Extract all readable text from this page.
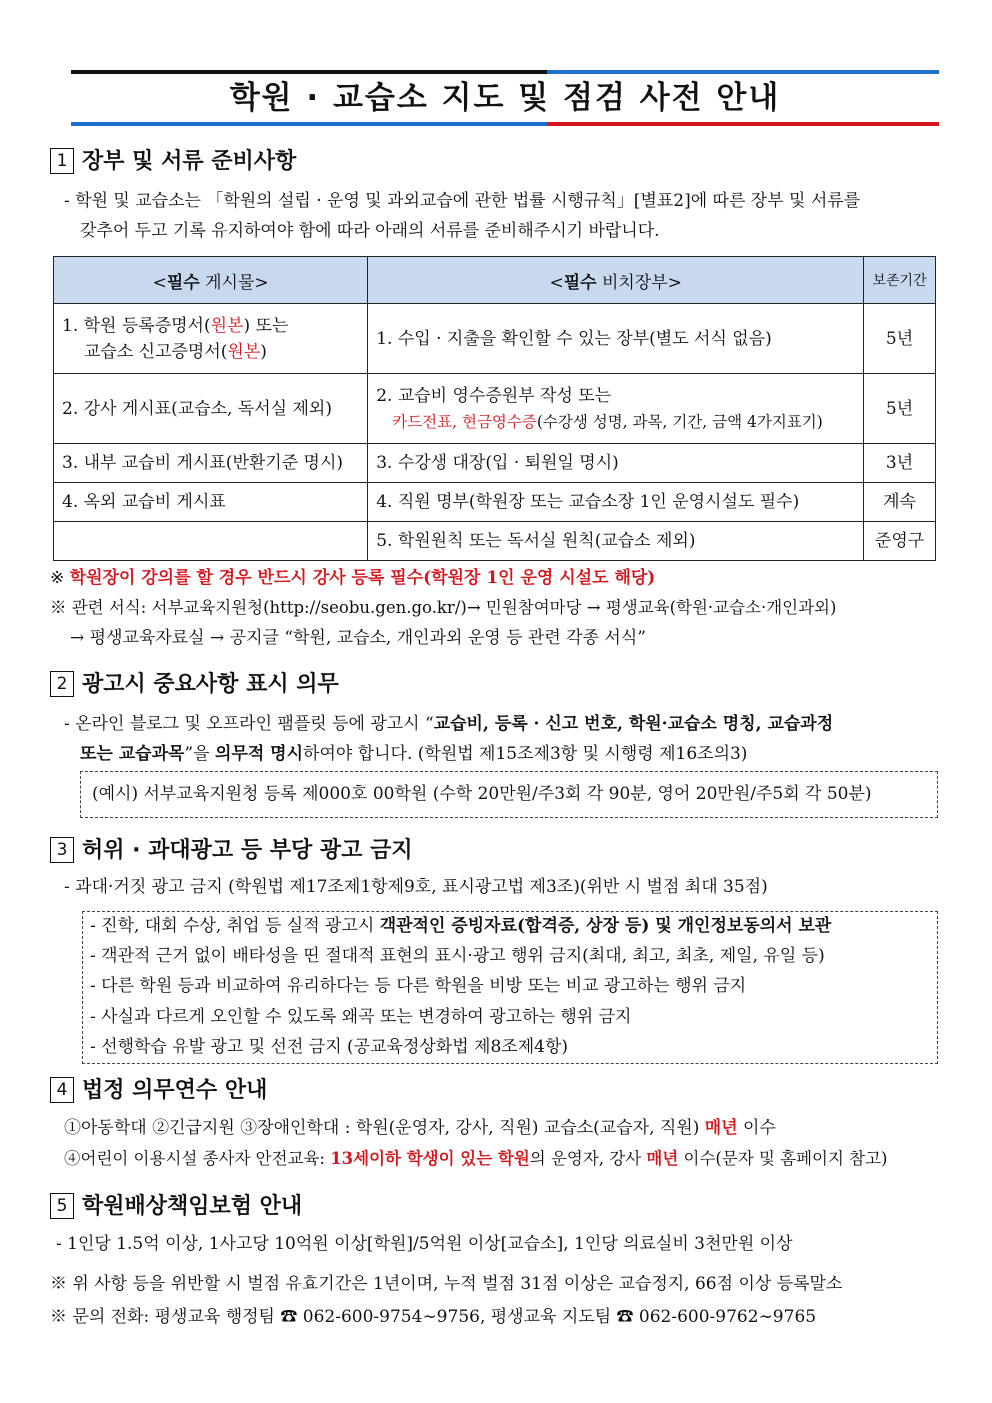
학원 · 교습소 지도 및 점검 사전 안내
1 장부 및 서류 준비사항
- 학원 및 교습소는 「학원의 설립 · 운영 및 과외교습에 관한 법률 시행규칙」[별표2]에 따른 장부 및 서류를
갖추어 두고 기록 유지하여야 함에 따라 아래의 서류를 준비해주시기 바랍니다.
<필수 게시물>	<필수 비치장부>	보존기간

1. 학원 등록증명서(원본) 또는
교습소 신고증명서(원본)	1. 수입 · 지출을 확인할 수 있는 장부(별도 서식 없음)	5년
2. 강사 게시표(교습소, 독서실 제외)	2. 교습비 영수증원부 작성 또는
카드전표, 현금영수증(수강생 성명, 과목, 기간, 금액 4가지표기)	5년
3. 내부 교습비 게시표(반환기준 명시)	3. 수강생 대장(입 · 퇴원일 명시)	3년
4. 옥외 교습비 게시표	4. 직원 명부(학원장 또는 교습소장 1인 운영시설도 필수)	계속
	5. 학원원칙 또는 독서실 원칙(교습소 제외)	준영구
※ 학원장이 강의를 할 경우 반드시 강사 등록 필수(학원장 1인 운영 시설도 해당)
※ 관련 서식: 서부교육지원청(http://seobu.gen.go.kr/)→ 민원참여마당 → 평생교육(학원·교습소·개인과외)
→ 평생교육자료실 → 공지글 “학원, 교습소, 개인과외 운영 등 관련 각종 서식”
2 광고시 중요사항 표시 의무
- 온라인 블로그 및 오프라인 팸플릿 등에 광고시 “교습비, 등록 · 신고 번호, 학원·교습소 명칭, 교습과정
또는 교습과목”을 의무적 명시하여야 합니다. (학원법 제15조제3항 및 시행령 제16조의3)
(예시) 서부교육지원청 등록 제000호 00학원 (수학 20만원/주3회 각 90분, 영어 20만원/주5회 각 50분)
3 허위 · 과대광고 등 부당 광고 금지
- 과대·거짓 광고 금지 (학원법 제17조제1항제9호, 표시광고법 제3조)(위반 시 벌점 최대 35점)
- 진학, 대회 수상, 취업 등 실적 광고시 객관적인 증빙자료(합격증, 상장 등) 및 개인정보동의서 보관
- 객관적 근거 없이 배타성을 띤 절대적 표현의 표시·광고 행위 금지(최대, 최고, 최초, 제일, 유일 등)
- 다른 학원 등과 비교하여 유리하다는 등 다른 학원을 비방 또는 비교 광고하는 행위 금지
- 사실과 다르게 오인할 수 있도록 왜곡 또는 변경하여 광고하는 행위 금지
- 선행학습 유발 광고 및 선전 금지 (공교육정상화법 제8조제4항)
4 법정 의무연수 안내
①아동학대 ②긴급지원 ③장애인학대 : 학원(운영자, 강사, 직원) 교습소(교습자, 직원) 매년 이수
④어린이 이용시설 종사자 안전교육: 13세이하 학생이 있는 학원의 운영자, 강사 매년 이수(문자 및 홈페이지 참고)
5 학원배상책임보험 안내
- 1인당 1.5억 이상, 1사고당 10억원 이상[학원]/5억원 이상[교습소], 1인당 의료실비 3천만원 이상
※ 위 사항 등을 위반할 시 벌점 유효기간은 1년이며, 누적 벌점 31점 이상은 교습정지, 66점 이상 등록말소
※ 문의 전화: 평생교육 행정팀 ☎ 062-600-9754∼9756, 평생교육 지도팀 ☎ 062-600-9762∼9765
